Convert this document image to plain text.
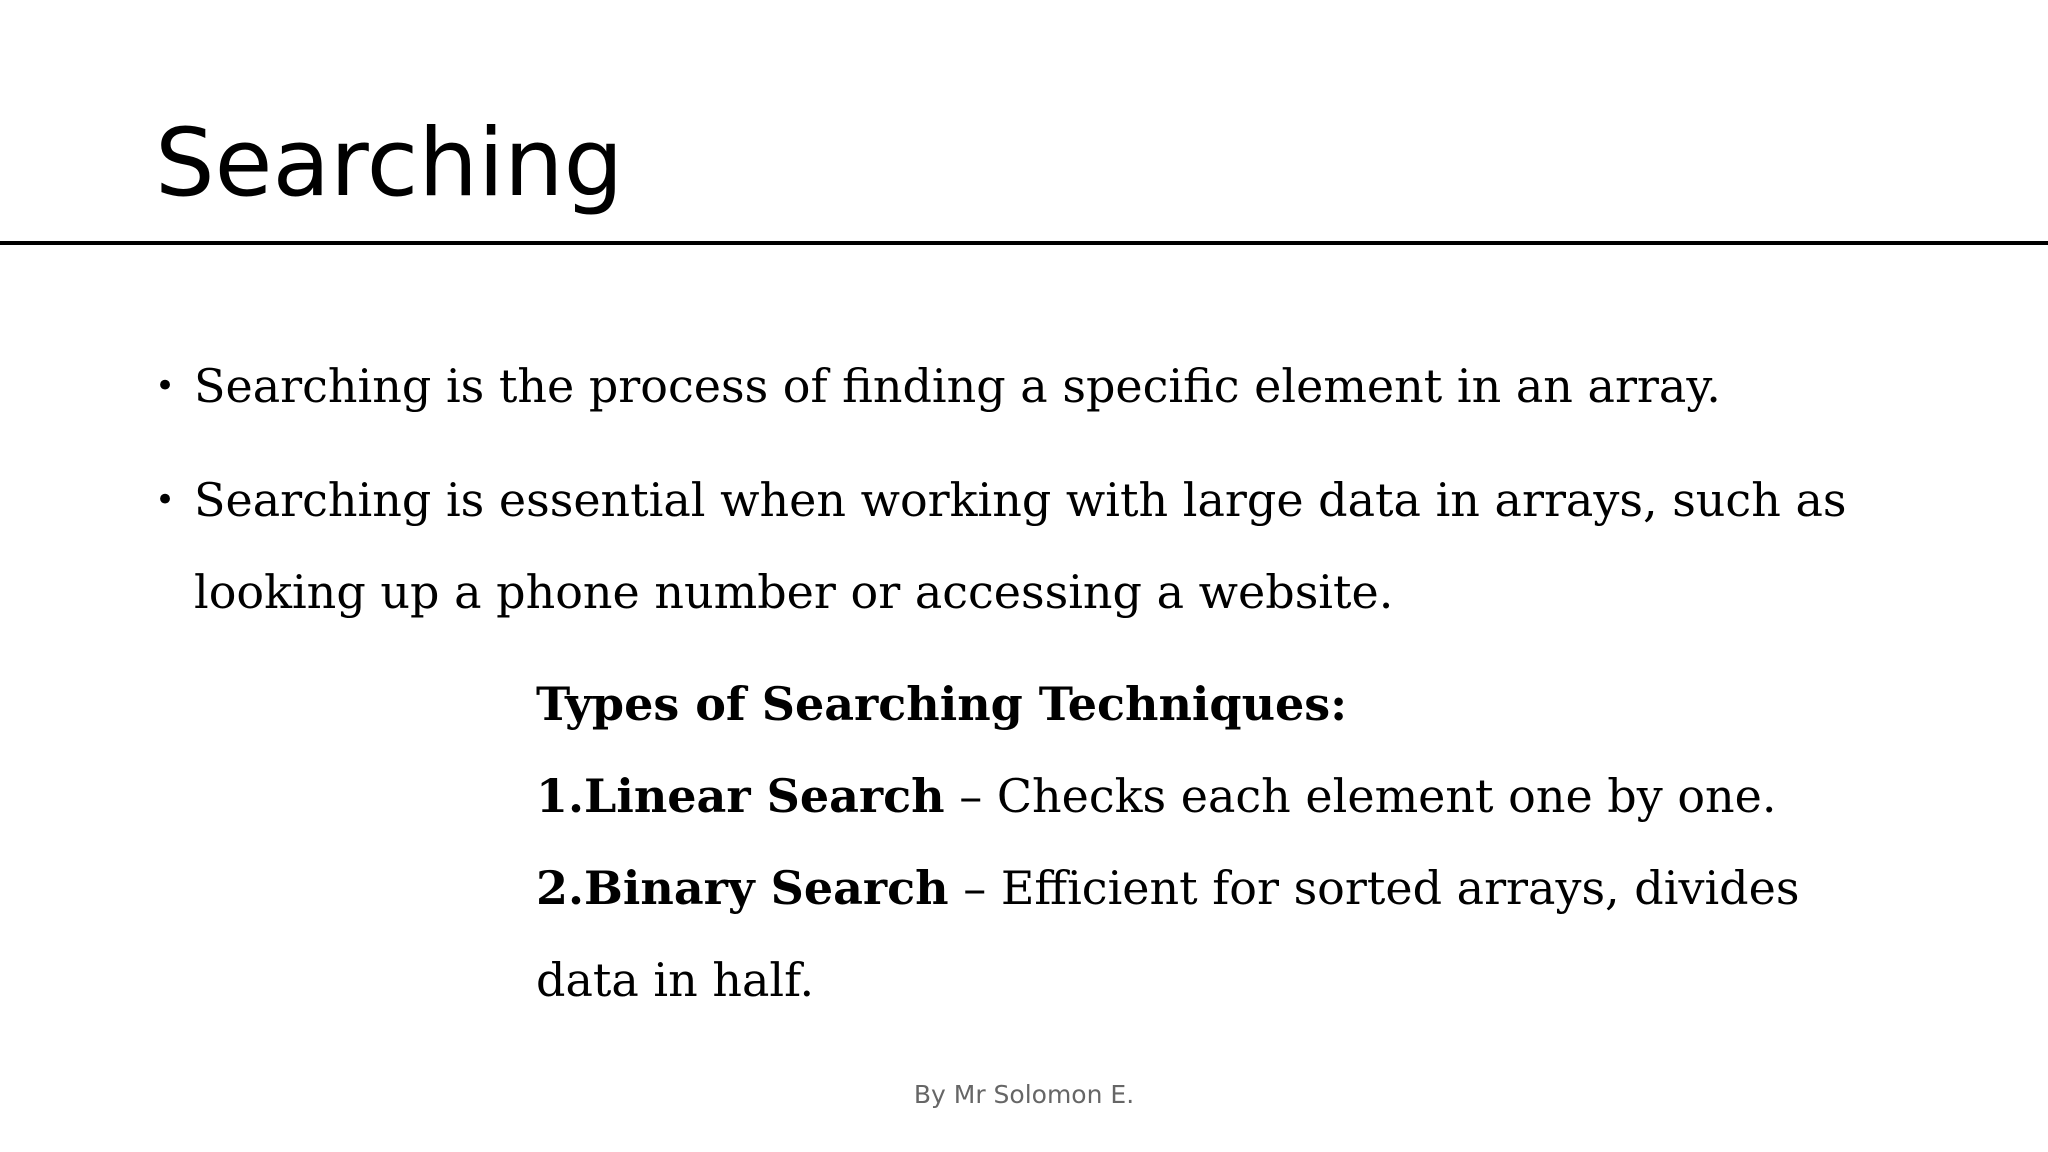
Searching
• Searching is the process of finding a specific element in an array.
• Searching is essential when working with large data in arrays, such as looking up a phone number or accessing a website.
Types of Searching Techniques:
1.Linear Search – Checks each element one by one.
2.Binary Search – Efficient for sorted arrays, divides data in half.
By Mr Solomon E.
